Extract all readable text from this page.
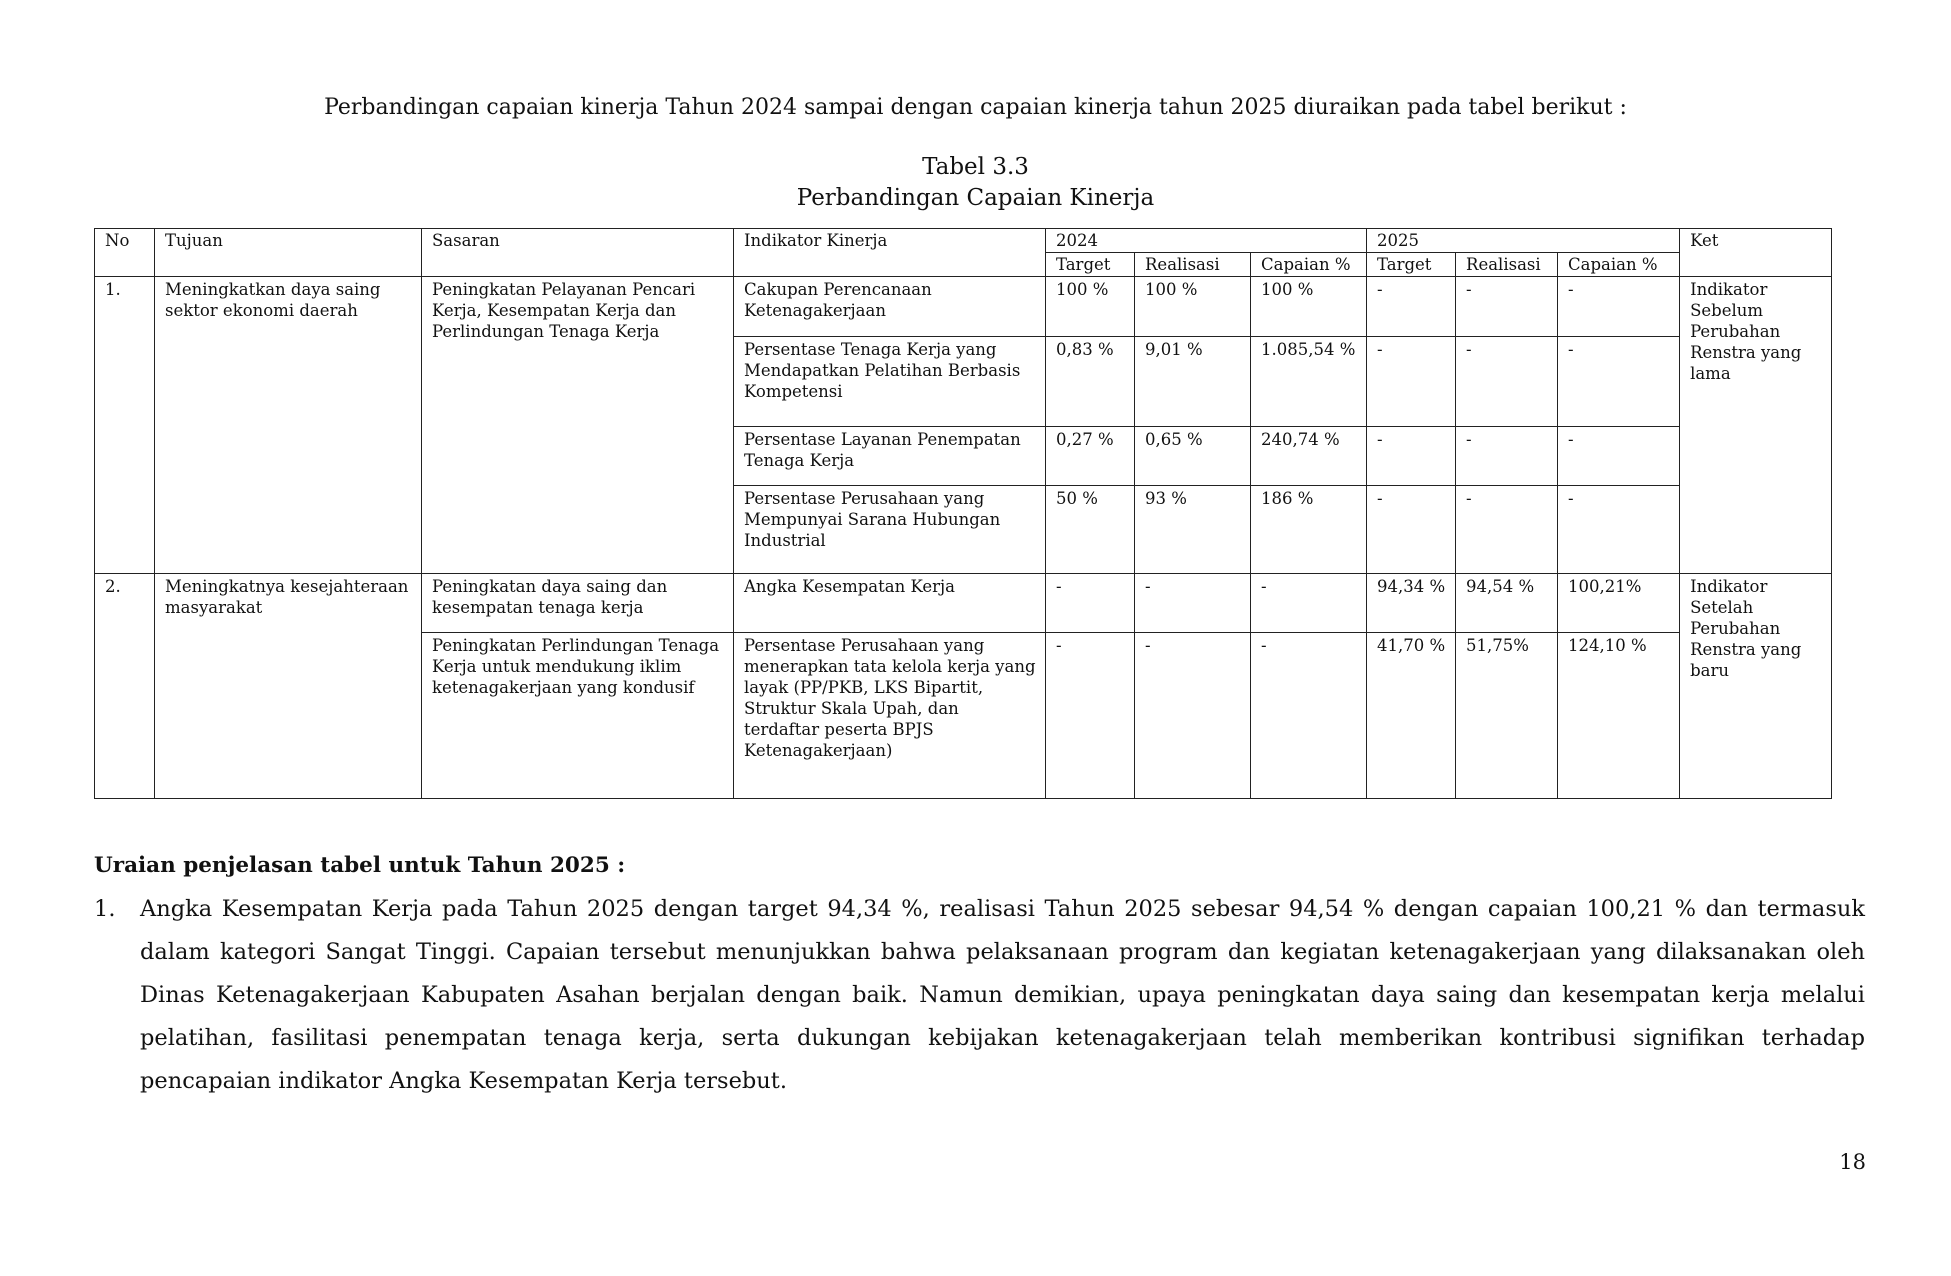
Perbandingan capaian kinerja Tahun 2024 sampai dengan capaian kinerja tahun 2025 diuraikan pada tabel berikut :
Tabel 3.3
Perbandingan Capaian Kinerja
No	Tujuan	Sasaran	Indikator Kinerja	2024			2025			Ket
				Target	Realisasi	Capaian %	Target	Realisasi	Capaian %	
1.	Meningkatkan daya saing sektor ekonomi daerah	Peningkatan Pelayanan Pencari Kerja, Kesempatan Kerja dan Perlindungan Tenaga Kerja	Cakupan Perencanaan Ketenagakerjaan	100 %	100 %	100 %	-	-	-	Indikator Sebelum Perubahan Renstra yang lama
			Persentase Tenaga Kerja yang Mendapatkan Pelatihan Berbasis Kompetensi	0,83 %	9,01 %	1.085,54 %	-	-	-	
			Persentase Layanan Penempatan Tenaga Kerja	0,27 %	0,65 %	240,74 %	-	-	-	
			Persentase Perusahaan yang Mempunyai Sarana Hubungan Industrial	50 %	93 %	186 %	-	-	-	
2.	Meningkatnya kesejahteraan masyarakat	Peningkatan daya saing dan kesempatan tenaga kerja	Angka Kesempatan Kerja	-	-	-	94,34 %	94,54 %	100,21%	Indikator Setelah Perubahan Renstra yang baru
		Peningkatan Perlindungan Tenaga Kerja untuk mendukung iklim ketenagakerjaan yang kondusif	Persentase Perusahaan yang menerapkan tata kelola kerja yang layak (PP/PKB, LKS Bipartit, Struktur Skala Upah, dan terdaftar peserta BPJS Ketenagakerjaan)	-	-	-	41,70 %	51,75%	124,10 %	
Uraian penjelasan tabel untuk Tahun 2025 :
1. Angka Kesempatan Kerja pada Tahun 2025 dengan target 94,34 %, realisasi Tahun 2025 sebesar 94,54 % dengan capaian 100,21 % dan termasuk dalam kategori Sangat Tinggi. Capaian tersebut menunjukkan bahwa pelaksanaan program dan kegiatan ketenagakerjaan yang dilaksanakan oleh Dinas Ketenagakerjaan Kabupaten Asahan berjalan dengan baik. Namun demikian, upaya peningkatan daya saing dan kesempatan kerja melalui pelatihan, fasilitasi penempatan tenaga kerja, serta dukungan kebijakan ketenagakerjaan telah memberikan kontribusi signifikan terhadap pencapaian indikator Angka Kesempatan Kerja tersebut.
18
